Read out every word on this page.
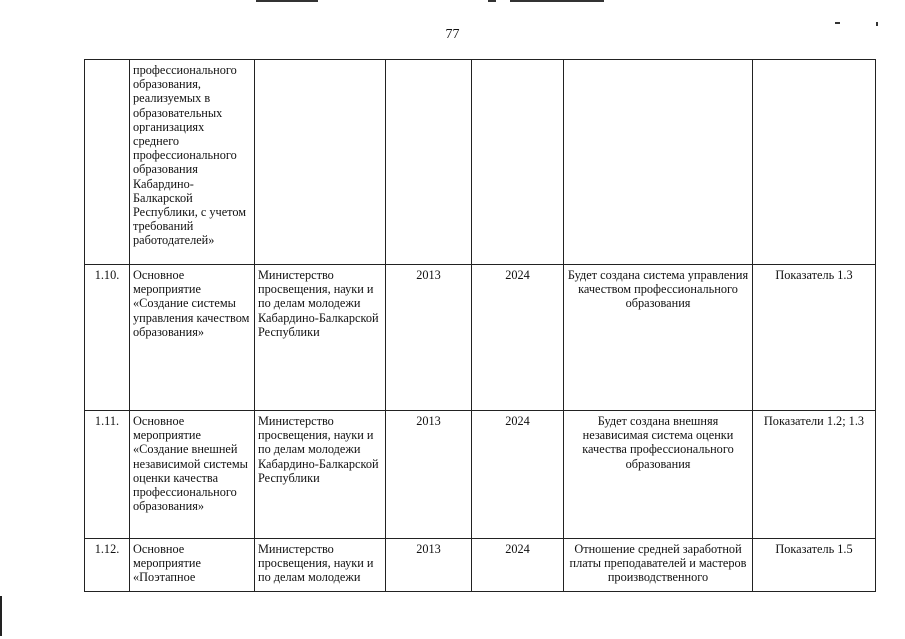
77
	профессионального образования, реализуемых в образовательных организациях среднего профессионального образования Кабардино-Балкарской Республики, с учетом требований работодателей»					
1.10.	Основное мероприятие «Создание системы управления качеством образования»	Министерство просвещения, науки и по делам молодежи Кабардино-Балкарской Республики	2013	2024	Будет создана система управления качеством профессионального образования	Показатель 1.3
1.11.	Основное мероприятие «Создание внешней независимой системы оценки качества профессионального образования»	Министерство просвещения, науки и по делам молодежи Кабардино-Балкарской Республики	2013	2024	Будет создана внешняя независимая система оценки качества профессионального образования	Показатели 1.2; 1.3

1.12.	Основное мероприятие «Поэтапное	Министерство просвещения, науки и по делам молодежи	2013	2024	Отношение средней заработной платы преподавателей и мастеров производственного	Показатель 1.5
